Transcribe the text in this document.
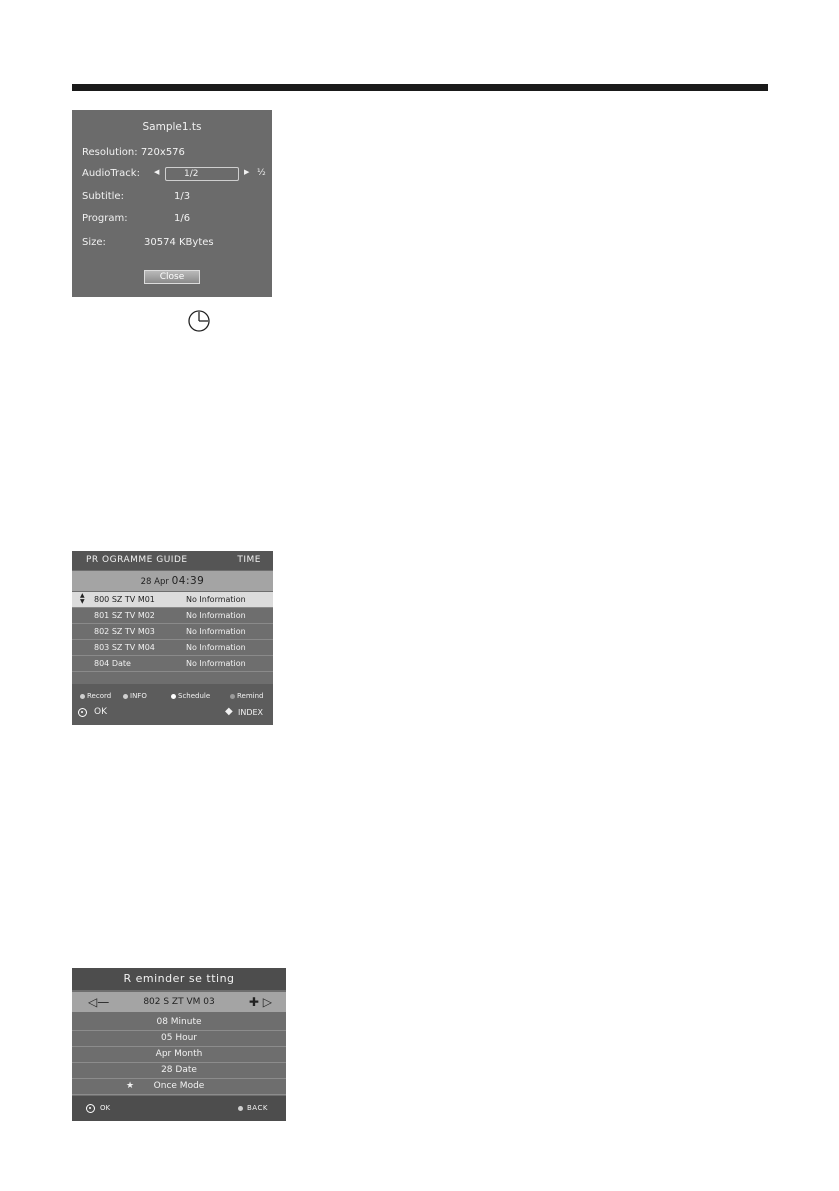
Sample1.ts
Resolution: 720x576
AudioTrack: ◀	1/2	▶ ½
Subtitle:	1/3
Program:	1/6
Size:	30574 KBytes
Close
PR OGRAMME GUIDE	TIME
28 Apr 04:39
800 SZ TV M01	No Information
▲
▼
801 SZ TV M02	No Information
802 SZ TV M03	No Information
803 SZ TV M04	No Information
804 Date	No Information
Record	INFO	Schedule	Remind
OK	◆ INDEX
R eminder se tting
◁—	802 S ZT VM 03	✚ ▷
08 Minute
05 Hour
Apr Month
28 Date
★ Once Mode
OK	BACK
